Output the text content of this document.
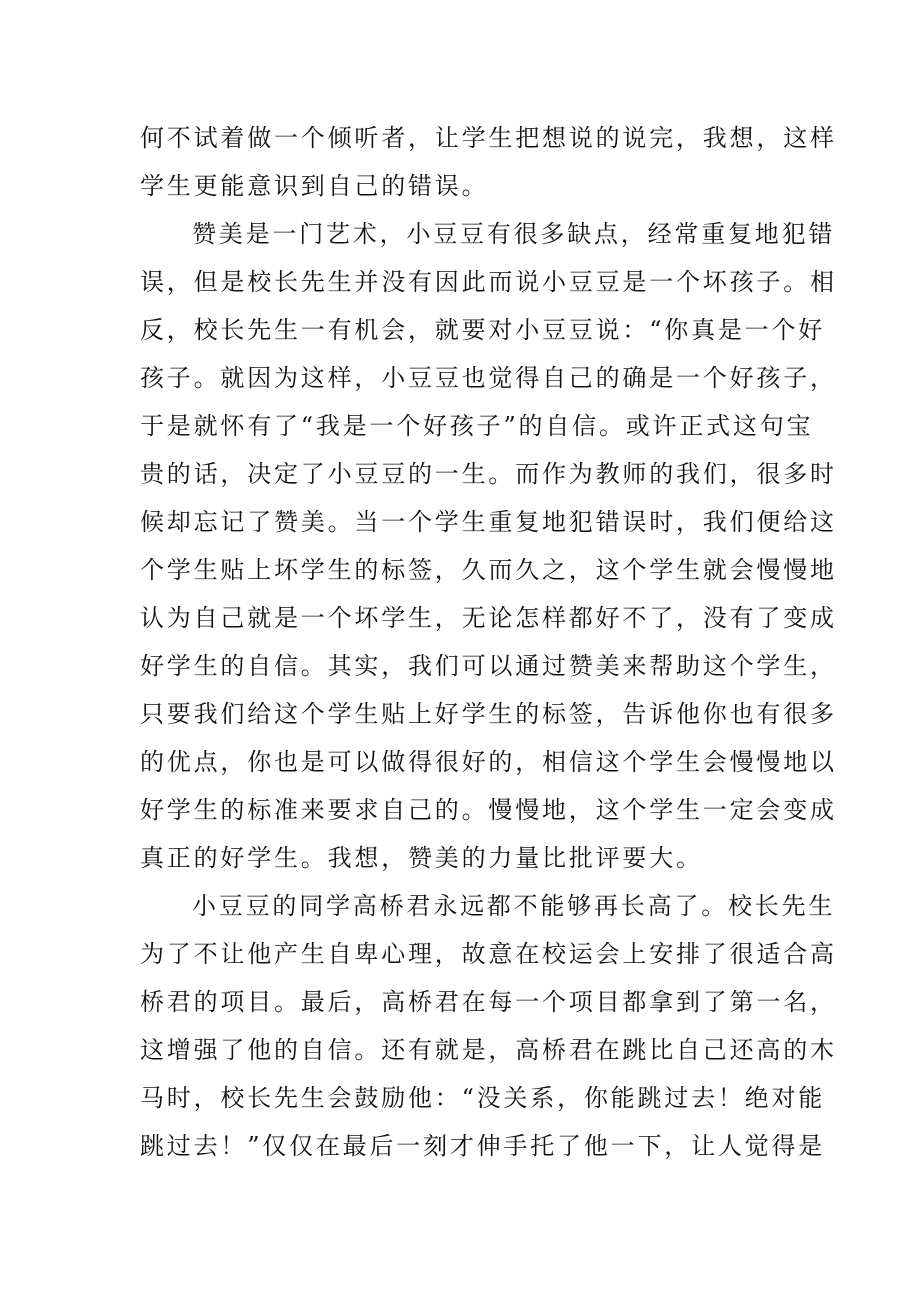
何不试着做一个倾听者，让学生把想说的说完，我想，这样
学生更能意识到自己的错误。
赞美是一门艺术，小豆豆有很多缺点，经常重复地犯错
误，但是校长先生并没有因此而说小豆豆是一个坏孩子。相
反，校长先生一有机会，就要对小豆豆说：“你真是一个好
孩子。就因为这样，小豆豆也觉得自己的确是一个好孩子，
于是就怀有了“我是一个好孩子”的自信。或许正式这句宝
贵的话，决定了小豆豆的一生。而作为教师的我们，很多时
候却忘记了赞美。当一个学生重复地犯错误时，我们便给这
个学生贴上坏学生的标签，久而久之，这个学生就会慢慢地
认为自己就是一个坏学生，无论怎样都好不了，没有了变成
好学生的自信。其实，我们可以通过赞美来帮助这个学生，
只要我们给这个学生贴上好学生的标签，告诉他你也有很多
的优点，你也是可以做得很好的，相信这个学生会慢慢地以
好学生的标准来要求自己的。慢慢地，这个学生一定会变成
真正的好学生。我想，赞美的力量比批评要大。
小豆豆的同学高桥君永远都不能够再长高了。校长先生
为了不让他产生自卑心理，故意在校运会上安排了很适合高
桥君的项目。最后，高桥君在每一个项目都拿到了第一名，
这增强了他的自信。还有就是，高桥君在跳比自己还高的木
马时，校长先生会鼓励他：“没关系，你能跳过去！绝对能
跳过去！”仅仅在最后一刻才伸手托了他一下，让人觉得是
